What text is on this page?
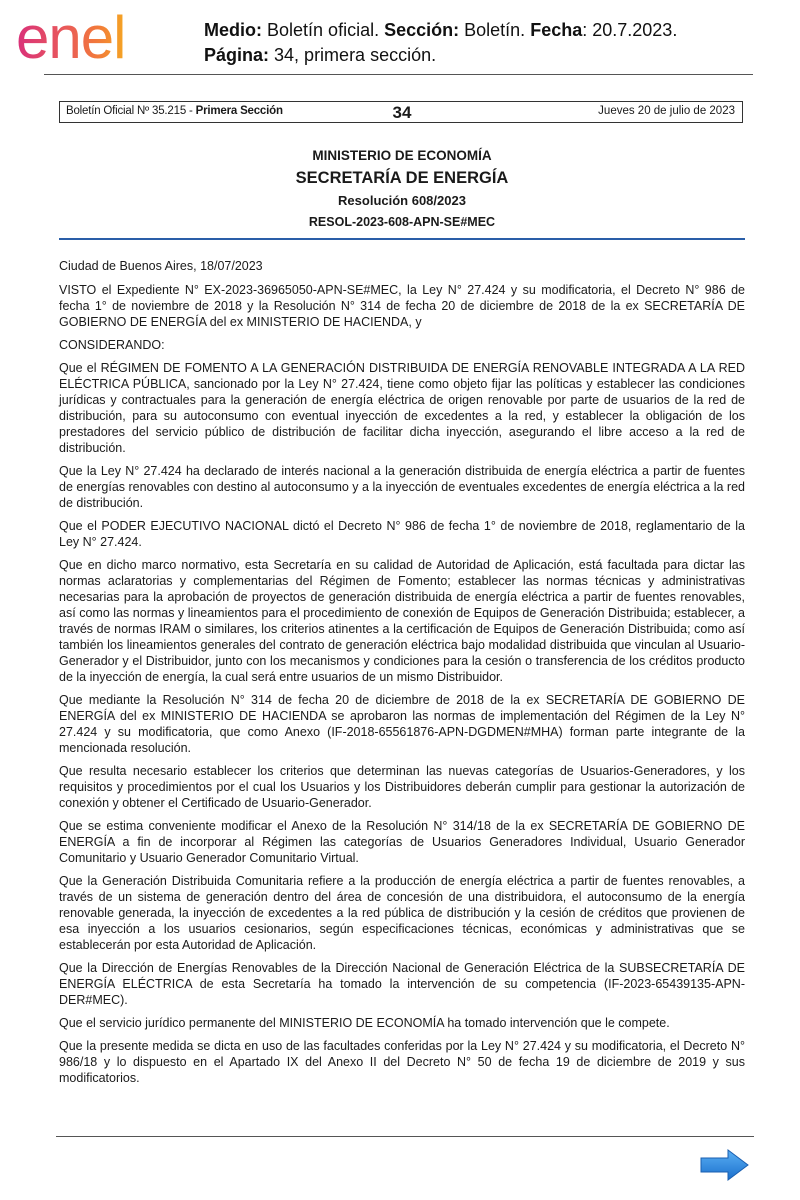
enel	Medio: Boletín oficial. Sección: Boletín. Fecha: 20.7.2023.
Página: 34, primera sección.
Boletín Oficial Nº 35.215 - Primera Sección	34	Jueves 20 de julio de 2023
MINISTERIO DE ECONOMÍA
SECRETARÍA DE ENERGÍA
Resolución 608/2023
RESOL-2023-608-APN-SE#MEC

Ciudad de Buenos Aires, 18/07/2023

VISTO el Expediente N° EX-2023-36965050-APN-SE#MEC, la Ley N° 27.424 y su modificatoria, el Decreto N° 986 de fecha 1° de noviembre de 2018 y la Resolución N° 314 de fecha 20 de diciembre de 2018 de la ex SECRETARÍA DE GOBIERNO DE ENERGÍA del ex MINISTERIO DE HACIENDA, y

CONSIDERANDO:

Que el RÉGIMEN DE FOMENTO A LA GENERACIÓN DISTRIBUIDA DE ENERGÍA RENOVABLE INTEGRADA A LA RED ELÉCTRICA PÚBLICA, sancionado por la Ley N° 27.424, tiene como objeto fijar las políticas y establecer las condiciones jurídicas y contractuales para la generación de energía eléctrica de origen renovable por parte de usuarios de la red de distribución, para su autoconsumo con eventual inyección de excedentes a la red, y establecer la obligación de los prestadores del servicio público de distribución de facilitar dicha inyección, asegurando el libre acceso a la red de distribución.

Que la Ley N° 27.424 ha declarado de interés nacional a la generación distribuida de energía eléctrica a partir de fuentes de energías renovables con destino al autoconsumo y a la inyección de eventuales excedentes de energía eléctrica a la red de distribución.

Que el PODER EJECUTIVO NACIONAL dictó el Decreto N° 986 de fecha 1° de noviembre de 2018, reglamentario de la Ley N° 27.424.

Que en dicho marco normativo, esta Secretaría en su calidad de Autoridad de Aplicación, está facultada para dictar las normas aclaratorias y complementarias del Régimen de Fomento; establecer las normas técnicas y administrativas necesarias para la aprobación de proyectos de generación distribuida de energía eléctrica a partir de fuentes renovables, así como las normas y lineamientos para el procedimiento de conexión de Equipos de Generación Distribuida; establecer, a través de normas IRAM o similares, los criterios atinentes a la certificación de Equipos de Generación Distribuida; como así también los lineamientos generales del contrato de generación eléctrica bajo modalidad distribuida que vinculan al Usuario-Generador y el Distribuidor, junto con los mecanismos y condiciones para la cesión o transferencia de los créditos producto de la inyección de energía, la cual será entre usuarios de un mismo Distribuidor.

Que mediante la Resolución N° 314 de fecha 20 de diciembre de 2018 de la ex SECRETARÍA DE GOBIERNO DE ENERGÍA del ex MINISTERIO DE HACIENDA se aprobaron las normas de implementación del Régimen de la Ley N° 27.424 y su modificatoria, que como Anexo (IF-2018-65561876-APN-DGDMEN#MHA) forman parte integrante de la mencionada resolución.

Que resulta necesario establecer los criterios que determinan las nuevas categorías de Usuarios-Generadores, y los requisitos y procedimientos por el cual los Usuarios y los Distribuidores deberán cumplir para gestionar la autorización de conexión y obtener el Certificado de Usuario-Generador.

Que se estima conveniente modificar el Anexo de la Resolución N° 314/18 de la ex SECRETARÍA DE GOBIERNO DE ENERGÍA a fin de incorporar al Régimen las categorías de Usuarios Generadores Individual, Usuario Generador Comunitario y Usuario Generador Comunitario Virtual.

Que la Generación Distribuida Comunitaria refiere a la producción de energía eléctrica a partir de fuentes renovables, a través de un sistema de generación dentro del área de concesión de una distribuidora, el autoconsumo de la energía renovable generada, la inyección de excedentes a la red pública de distribución y la cesión de créditos que provienen de esa inyección a los usuarios cesionarios, según especificaciones técnicas, económicas y administrativas que se establecerán por esta Autoridad de Aplicación.

Que la Dirección de Energías Renovables de la Dirección Nacional de Generación Eléctrica de la SUBSECRETARÍA DE ENERGÍA ELÉCTRICA de esta Secretaría ha tomado la intervención de su competencia (IF-2023-65439135-APN-DER#MEC).

Que el servicio jurídico permanente del MINISTERIO DE ECONOMÍA ha tomado intervención que le compete.

Que la presente medida se dicta en uso de las facultades conferidas por la Ley N° 27.424 y su modificatoria, el Decreto N° 986/18 y lo dispuesto en el Apartado IX del Anexo II del Decreto N° 50 de fecha 19 de diciembre de 2019 y sus modificatorios.
